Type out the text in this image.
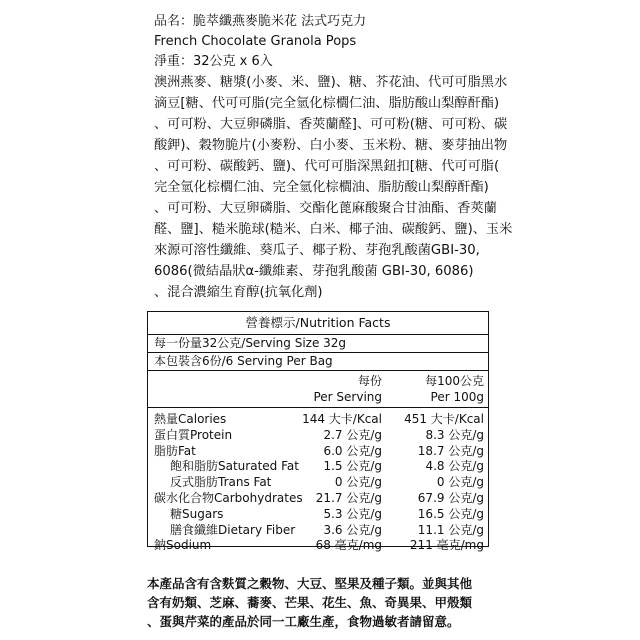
品名：脆萃纖燕麥脆米花 法式巧克力
French Chocolate Granola Pops
淨重：32公克 x 6入
澳洲燕麥、糖漿(小麥、米、鹽)、糖、芥花油、代可可脂黑水
滴豆[糖、代可可脂(完全氫化棕櫚仁油、脂肪酸山梨醇酐酯)
、可可粉、大豆卵磷脂、香莢蘭醛]、可可粉(糖、可可粉、碳
酸鉀)、穀物脆片(小麥粉、白小麥、玉米粉、糖、麥芽抽出物
、可可粉、碳酸鈣、鹽)、代可可脂深黑鈕扣[糖、代可可脂(
完全氫化棕櫚仁油、完全氫化棕櫚油、脂肪酸山梨醇酐酯)
、可可粉、大豆卵磷脂、交酯化蓖麻酸聚合甘油酯、香莢蘭
醛、鹽]、糙米脆球(糙米、白米、椰子油、碳酸鈣、鹽)、玉米
來源可溶性纖維、葵瓜子、椰子粉、芽孢乳酸菌GBI-30,
6086(微結晶狀α-纖維素、芽孢乳酸菌 GBI-30, 6086)
、混合濃縮生育醇(抗氧化劑)
營養標示/Nutrition Facts
每一份量32公克/Serving Size 32g
本包裝含6份/6 Serving Per Bag
每份
Per Serving
每100公克
Per 100g
熱量Calories	144 大卡/Kcal 451 大卡/Kcal
蛋白質Protein	2.7 公克/g	8.3 公克/g
脂肪Fat	6.0 公克/g	18.7 公克/g
飽和脂肪Saturated Fat 1.5 公克/g	4.8 公克/g
反式脂肪Trans Fat	0 公克/g	0 公克/g
碳水化合物Carbohydrates 21.7 公克/g	67.9 公克/g
糖Sugars	5.3 公克/g	16.5 公克/g
膳食纖維Dietary Fiber 3.6 公克/g	11.1 公克/g
鈉Sodium	68 毫克/mg 211 毫克/mg
本產品含有含麩質之穀物、大豆、堅果及種子類。並與其他
含有奶類、芝麻、蕎麥、芒果、花生、魚、奇異果、甲殼類
、蛋與芹菜的產品於同一工廠生產，食物過敏者請留意。
